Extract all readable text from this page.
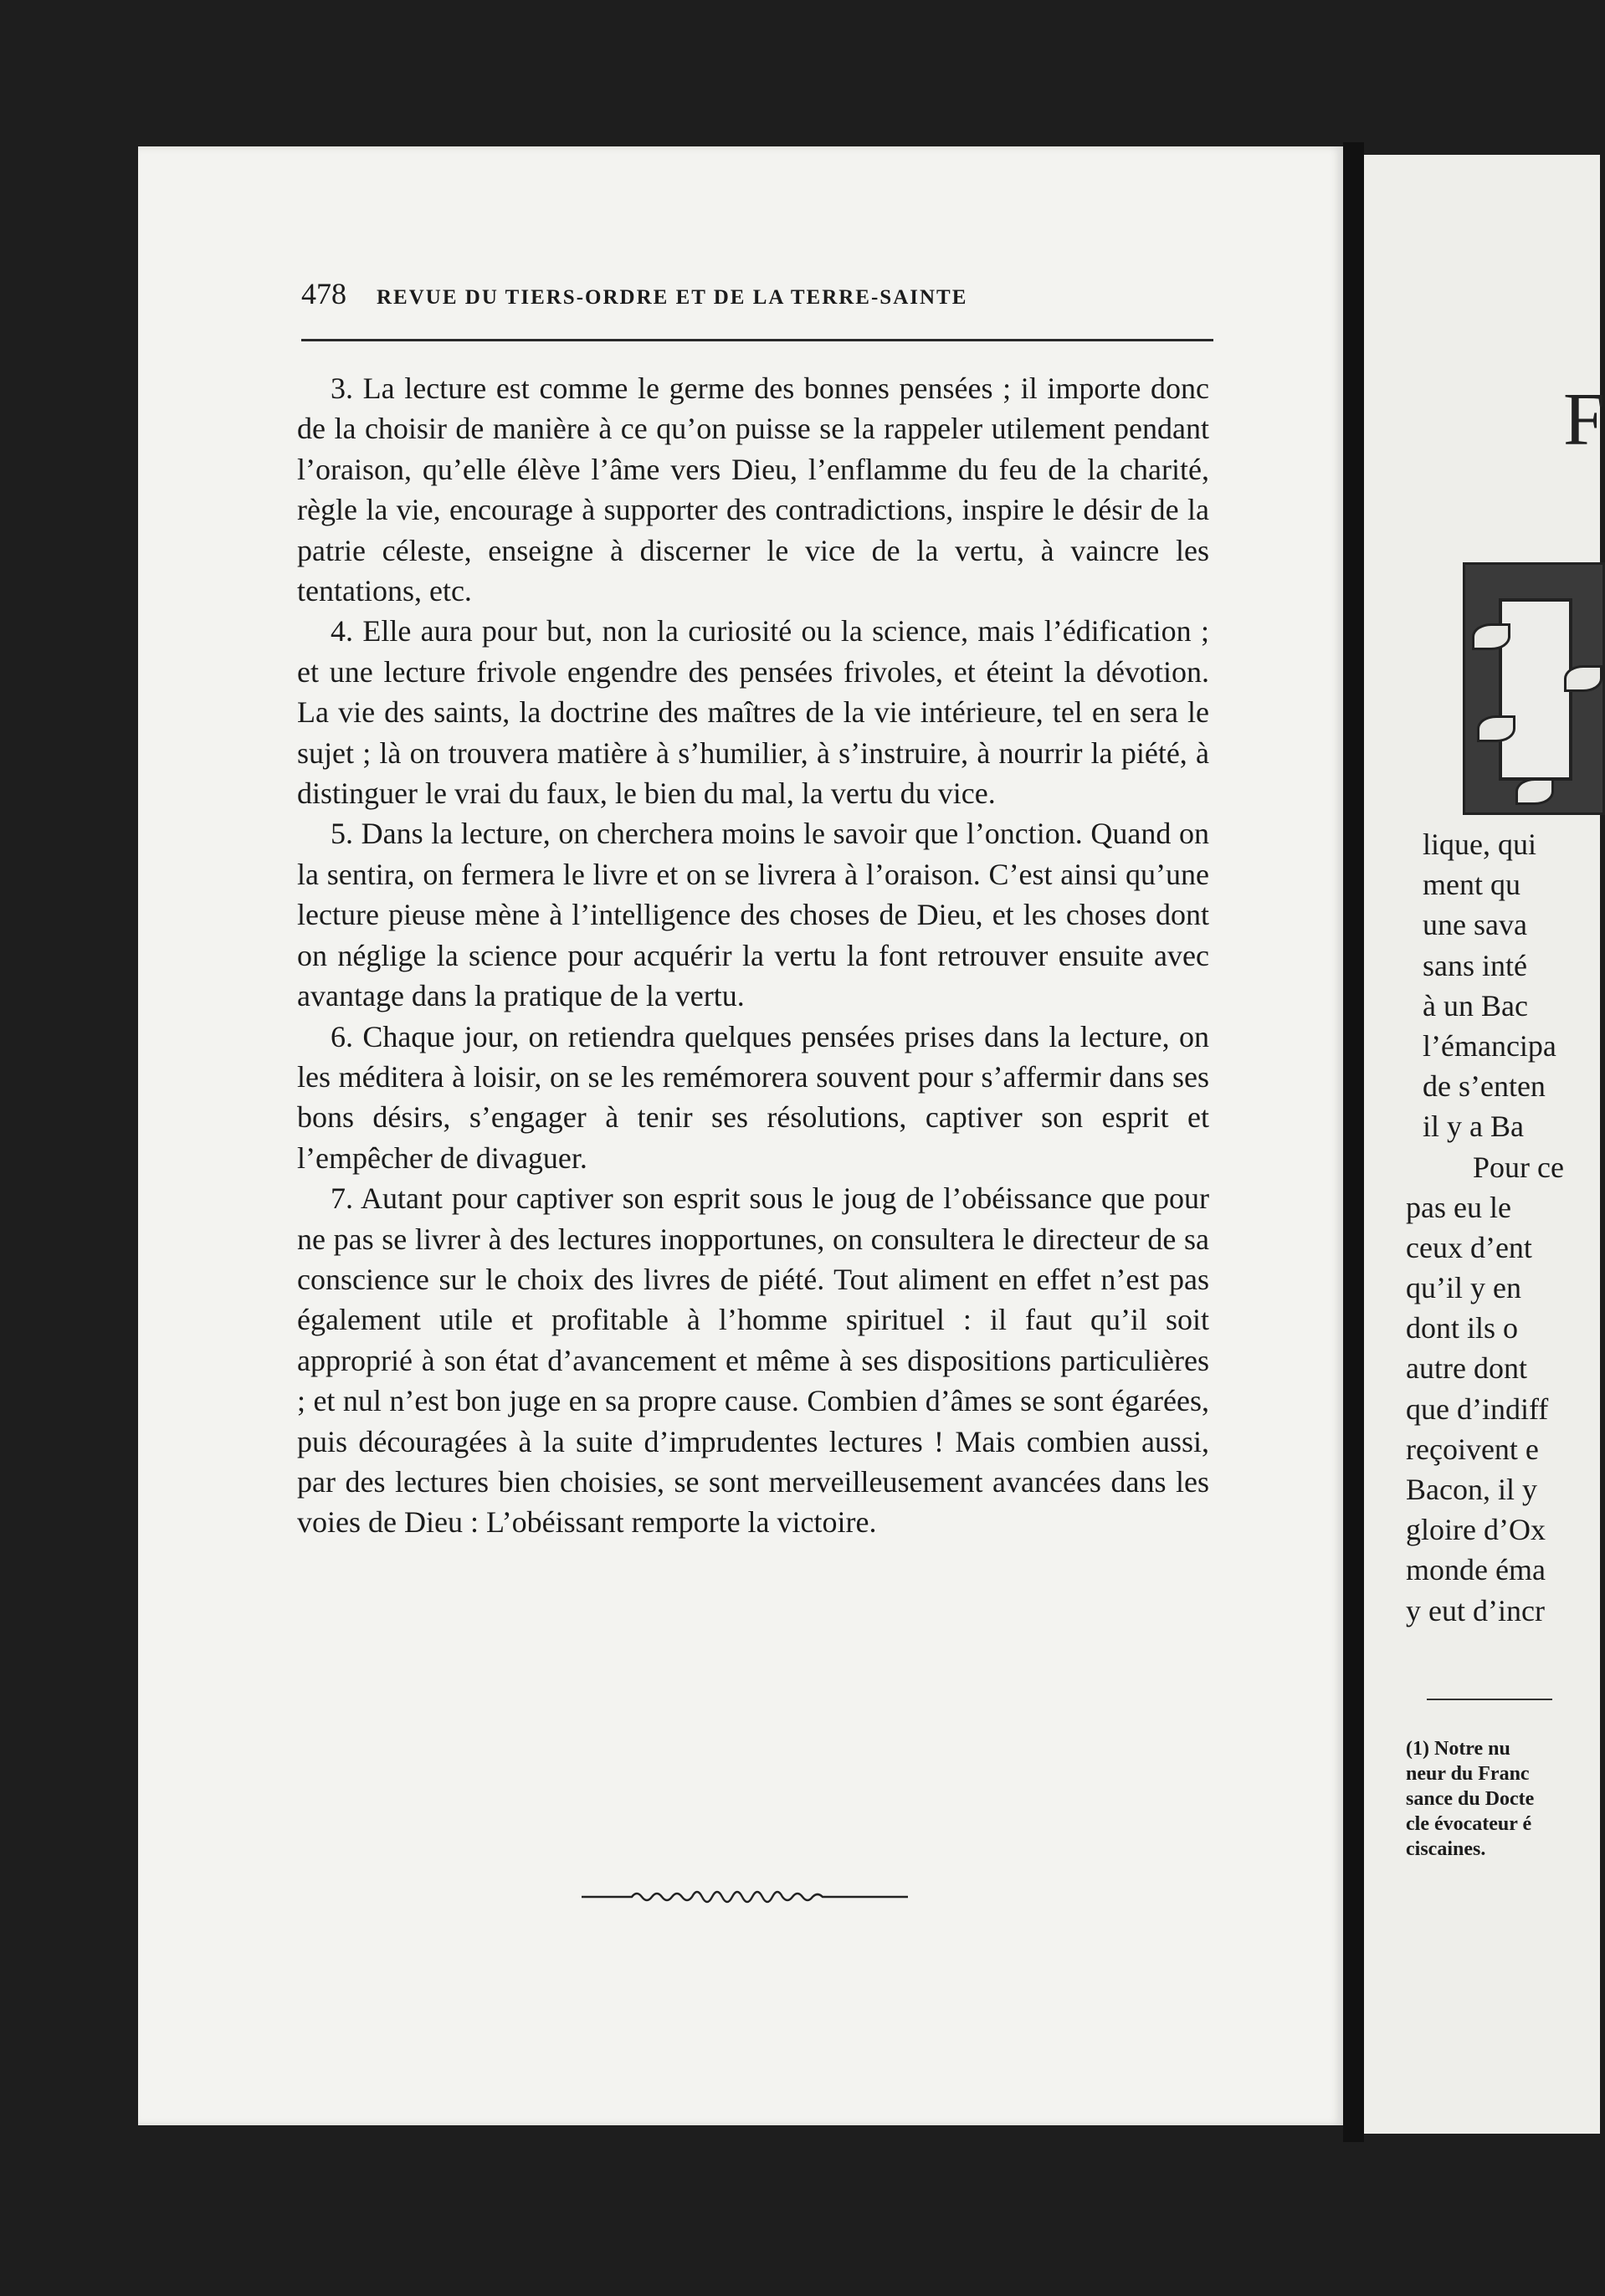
478 REVUE DU TIERS-ORDRE ET DE LA TERRE-SAINTE

3. La lecture est comme le germe des bonnes pensées ; il importe donc de la choisir de manière à ce qu’on puisse se la rappeler utilement pendant l’oraison, qu’elle élève l’âme vers Dieu, l’enflamme du feu de la charité, règle la vie, encourage à supporter des contradictions, inspire le désir de la patrie céleste, enseigne à discerner le vice de la vertu, à vaincre les tentations, etc.

4. Elle aura pour but, non la curiosité ou la science, mais l’édification ; et une lecture frivole engendre des pensées frivoles, et éteint la dévotion. La vie des saints, la doctrine des maîtres de la vie intérieure, tel en sera le sujet ; là on trouvera matière à s’humilier, à s’instruire, à nourrir la piété, à distinguer le vrai du faux, le bien du mal, la vertu du vice.

5. Dans la lecture, on cherchera moins le savoir que l’onction. Quand on la sentira, on fermera le livre et on se livrera à l’oraison. C’est ainsi qu’une lecture pieuse mène à l’intelligence des choses de Dieu, et les choses dont on néglige la science pour acquérir la vertu la font retrouver ensuite avec avantage dans la pratique de la vertu.

6. Chaque jour, on retiendra quelques pensées prises dans la lecture, on les méditera à loisir, on se les remémorera souvent pour s’affermir dans ses bons désirs, s’engager à tenir ses résolutions, captiver son esprit et l’empêcher de divaguer.

7. Autant pour captiver son esprit sous le joug de l’obéissance que pour ne pas se livrer à des lectures inopportunes, on consultera le directeur de sa conscience sur le choix des livres de piété. Tout aliment en effet n’est pas également utile et profitable à l’homme spirituel : il faut qu’il soit approprié à son état d’avancement et même à ses dispositions particulières ; et nul n’est bon juge en sa propre cause. Combien d’âmes se sont égarées, puis découragées à la suite d’imprudentes lectures ! Mais combien aussi, par des lectures bien choisies, se sont merveilleusement avancées dans les voies de Dieu : L’obéissant remporte la victoire.

F
lique, qui
ment qu
une sava
sans inté
à un Bac
l’émancipa
de s’enten
il y a Ba
Pour ce
pas eu le
ceux d’ent
qu’il y en
dont ils o
autre dont
que d’indiff
reçoivent e
Bacon, il y
gloire d’Ox
monde éma
y eut d’incr
(1) Notre nu
neur du Franc
sance du Docte
cle évocateur é
ciscaines.
